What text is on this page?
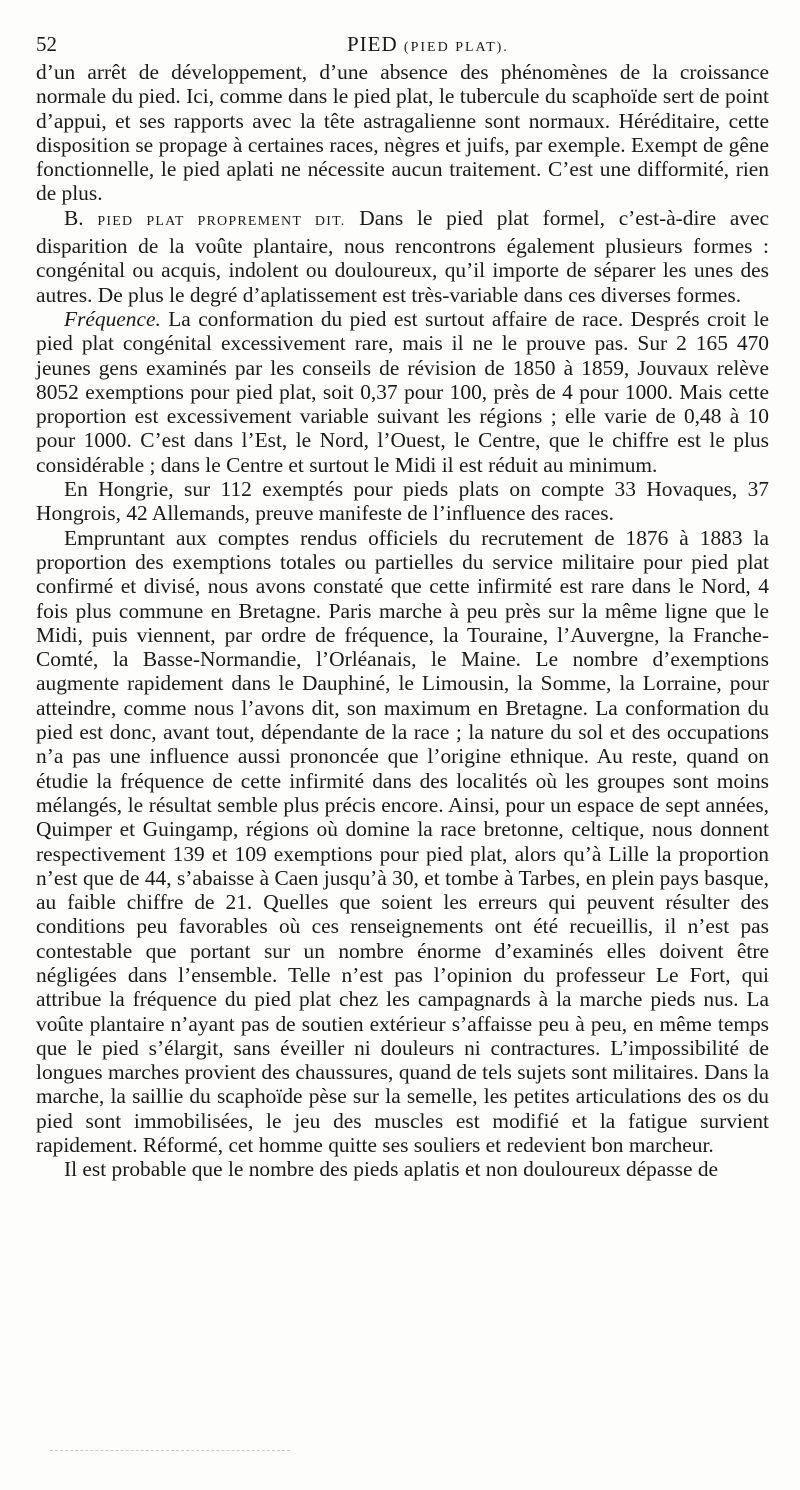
52	PIED (PIED PLAT).

d’un arrêt de développement, d’une absence des phénomènes de la croissance normale du pied. Ici, comme dans le pied plat, le tubercule du scaphoïde sert de point d’appui, et ses rapports avec la tête astragalienne sont normaux. Héréditaire, cette disposition se propage à certaines races, nègres et juifs, par exemple. Exempt de gêne fonctionnelle, le pied aplati ne nécessite aucun traitement. C’est une difformité, rien de plus.

B. PIED PLAT PROPREMENT DIT. Dans le pied plat formel, c’est-à-dire avec disparition de la voûte plantaire, nous rencontrons également plusieurs formes : congénital ou acquis, indolent ou douloureux, qu’il importe de séparer les unes des autres. De plus le degré d’aplatissement est très-variable dans ces diverses formes.

Fréquence. La conformation du pied est surtout affaire de race. Després croit le pied plat congénital excessivement rare, mais il ne le prouve pas. Sur 2 165 470 jeunes gens examinés par les conseils de révision de 1850 à 1859, Jouvaux relève 8052 exemptions pour pied plat, soit 0,37 pour 100, près de 4 pour 1000. Mais cette proportion est excessivement variable suivant les régions ; elle varie de 0,48 à 10 pour 1000. C’est dans l’Est, le Nord, l’Ouest, le Centre, que le chiffre est le plus considérable ; dans le Centre et surtout le Midi il est réduit au minimum.

En Hongrie, sur 112 exemptés pour pieds plats on compte 33 Hovaques, 37 Hongrois, 42 Allemands, preuve manifeste de l’influence des races.

Empruntant aux comptes rendus officiels du recrutement de 1876 à 1883 la proportion des exemptions totales ou partielles du service militaire pour pied plat confirmé et divisé, nous avons constaté que cette infirmité est rare dans le Nord, 4 fois plus commune en Bretagne. Paris marche à peu près sur la même ligne que le Midi, puis viennent, par ordre de fréquence, la Touraine, l’Auvergne, la Franche-Comté, la Basse-Normandie, l’Orléanais, le Maine. Le nombre d’exemptions augmente rapidement dans le Dauphiné, le Limousin, la Somme, la Lorraine, pour atteindre, comme nous l’avons dit, son maximum en Bretagne. La conformation du pied est donc, avant tout, dépendante de la race ; la nature du sol et des occupations n’a pas une influence aussi prononcée que l’origine ethnique. Au reste, quand on étudie la fréquence de cette infirmité dans des localités où les groupes sont moins mélangés, le résultat semble plus précis encore. Ainsi, pour un espace de sept années, Quimper et Guingamp, régions où domine la race bretonne, celtique, nous donnent respectivement 139 et 109 exemptions pour pied plat, alors qu’à Lille la proportion n’est que de 44, s’abaisse à Caen jusqu’à 30, et tombe à Tarbes, en plein pays basque, au faible chiffre de 21. Quelles que soient les erreurs qui peuvent résulter des conditions peu favorables où ces renseignements ont été recueillis, il n’est pas contestable que portant sur un nombre énorme d’examinés elles doivent être négligées dans l’ensemble. Telle n’est pas l’opinion du professeur Le Fort, qui attribue la fréquence du pied plat chez les campagnards à la marche pieds nus. La voûte plantaire n’ayant pas de soutien extérieur s’affaisse peu à peu, en même temps que le pied s’élargit, sans éveiller ni douleurs ni contractures. L’impossibilité de longues marches provient des chaussures, quand de tels sujets sont militaires. Dans la marche, la saillie du scaphoïde pèse sur la semelle, les petites articulations des os du pied sont immobilisées, le jeu des muscles est modifié et la fatigue survient rapidement. Réformé, cet homme quitte ses souliers et redevient bon marcheur.

Il est probable que le nombre des pieds aplatis et non douloureux dépasse de
